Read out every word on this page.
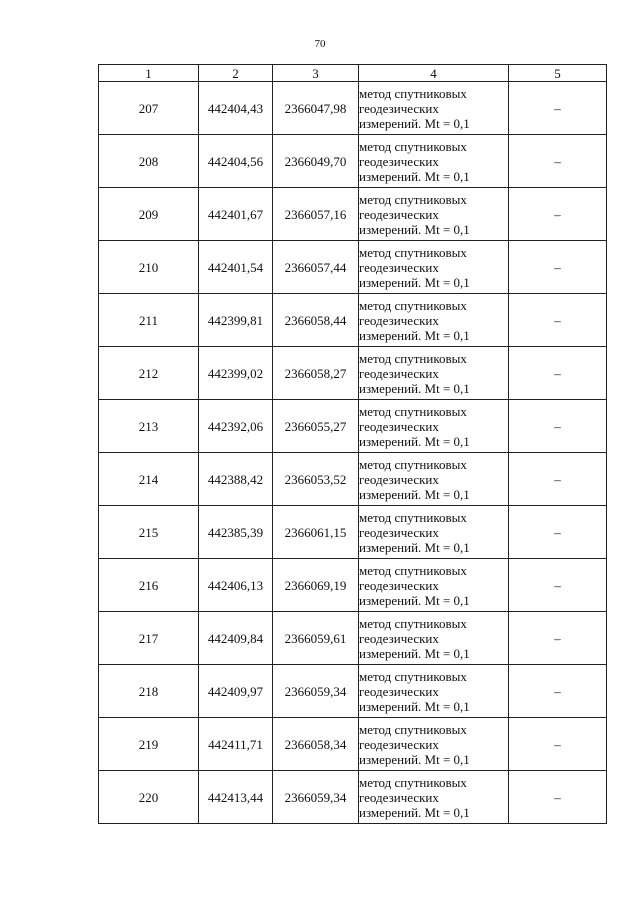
70
1	2	3	4	5
207	442404,43	2366047,98	метод спутниковых
геодезических
измерений. Mt = 0,1	–
208	442404,56	2366049,70	метод спутниковых
геодезических
измерений. Mt = 0,1	–
209	442401,67	2366057,16	метод спутниковых
геодезических
измерений. Mt = 0,1	–
210	442401,54	2366057,44	метод спутниковых
геодезических
измерений. Mt = 0,1	–
211	442399,81	2366058,44	метод спутниковых
геодезических
измерений. Mt = 0,1	–
212	442399,02	2366058,27	метод спутниковых
геодезических
измерений. Mt = 0,1	–
213	442392,06	2366055,27	метод спутниковых
геодезических
измерений. Mt = 0,1	–
214	442388,42	2366053,52	метод спутниковых
геодезических
измерений. Mt = 0,1	–
215	442385,39	2366061,15	метод спутниковых
геодезических
измерений. Mt = 0,1	–
216	442406,13	2366069,19	метод спутниковых
геодезических
измерений. Mt = 0,1	–
217	442409,84	2366059,61	метод спутниковых
геодезических
измерений. Mt = 0,1	–
218	442409,97	2366059,34	метод спутниковых
геодезических
измерений. Mt = 0,1	–
219	442411,71	2366058,34	метод спутниковых
геодезических
измерений. Mt = 0,1	–
220	442413,44	2366059,34	метод спутниковых
геодезических
измерений. Mt = 0,1	–
